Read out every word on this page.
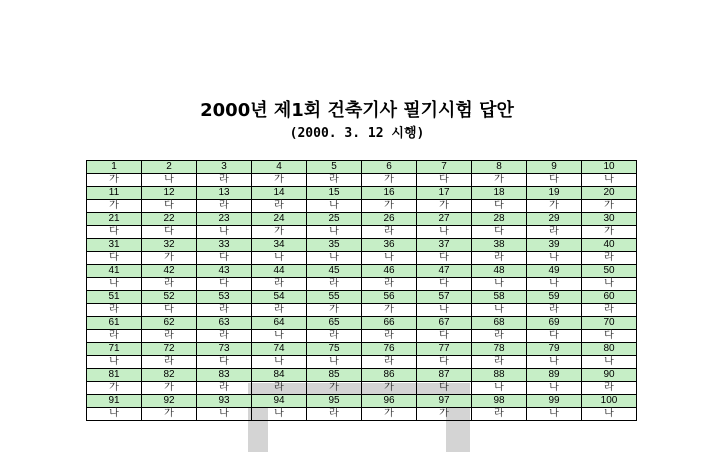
2000년 제1회 건축기사 필기시험 답안
(2000. 3. 12 시행)
1	2	3	4	5	6	7	8	9	10
가	나	라	가	라	가	다	가	다	나
11	12	13	14	15	16	17	18	19	20
가	다	라	라	나	가	가	다	가	가
21	22	23	24	25	26	27	28	29	30
다	다	나	가	나	라	나	다	라	가
31	32	33	34	35	36	37	38	39	40
다	가	다	나	나	나	다	라	나	라
41	42	43	44	45	46	47	48	49	50
나	라	다	라	라	라	다	나	나	나
51	52	53	54	55	56	57	58	59	60
라	다	라	라	가	가	나	나	라	라
61	62	63	64	65	66	67	68	69	70
라	라	라	나	라	라	다	라	다	다
71	72	73	74	75	76	77	78	79	80
나	라	다	나	나	라	다	라	나	나
81	82	83	84	85	86	87	88	89	90
가	가	라	라	가	가	다	나	나	라
91	92	93	94	95	96	97	98	99	100
나	가	나	나	라	가	가	라	나	나
